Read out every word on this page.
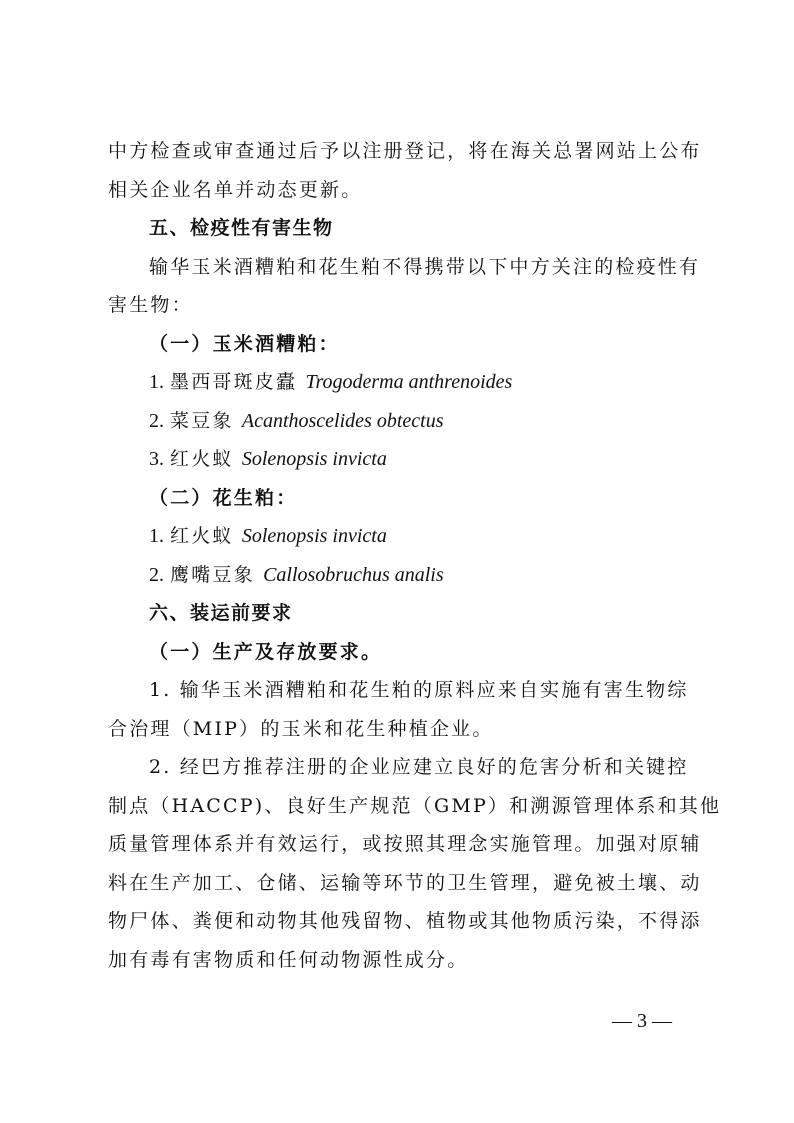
中方检查或审查通过后予以注册登记，将在海关总署网站上公布
相关企业名单并动态更新。
五、检疫性有害生物
输华玉米酒糟粕和花生粕不得携带以下中方关注的检疫性有
害生物：
（一）玉米酒糟粕：
1. 墨西哥斑皮蠹 Trogoderma anthrenoides
2. 菜豆象 Acanthoscelides obtectus
3. 红火蚁 Solenopsis invicta
（二）花生粕：
1. 红火蚁 Solenopsis invicta
2. 鹰嘴豆象 Callosobruchus analis
六、装运前要求
（一）生产及存放要求。
1. 输华玉米酒糟粕和花生粕的原料应来自实施有害生物综
合治理（MIP）的玉米和花生种植企业。
2. 经巴方推荐注册的企业应建立良好的危害分析和关键控
制点（HACCP)、良好生产规范（GMP）和溯源管理体系和其他
质量管理体系并有效运行，或按照其理念实施管理。加强对原辅
料在生产加工、仓储、运输等环节的卫生管理，避免被土壤、动
物尸体、粪便和动物其他残留物、植物或其他物质污染，不得添
加有毒有害物质和任何动物源性成分。
— 3 —
